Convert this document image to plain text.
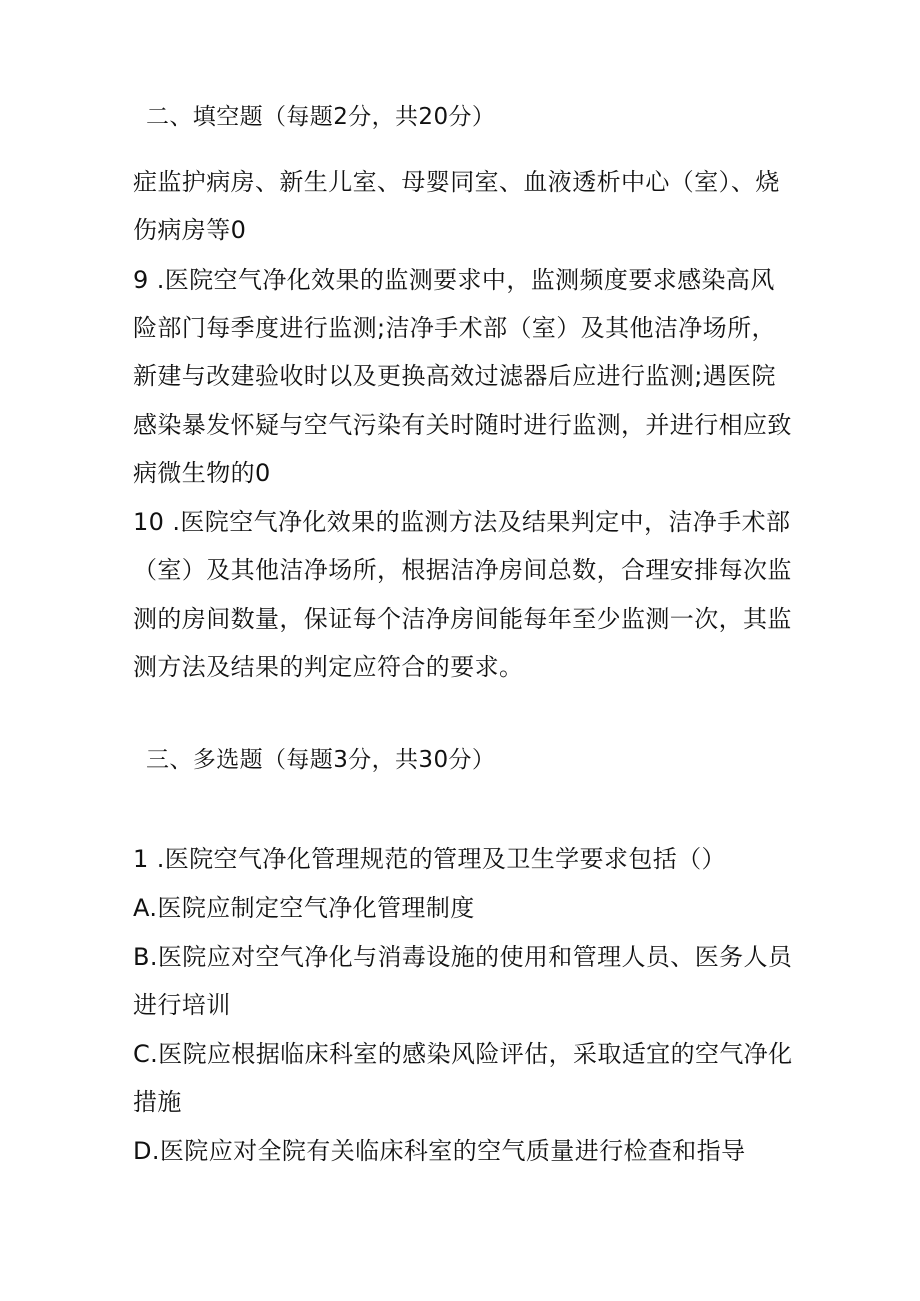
二、填空题（每题2分，共20分）
症监护病房、新生儿室、母婴同室、血液透析中心（室）、烧
伤病房等0
9 .医院空气净化效果的监测要求中，监测频度要求感染高风
险部门每季度进行监测;洁净手术部（室）及其他洁净场所，
新建与改建验收时以及更换高效过滤器后应进行监测;遇医院
感染暴发怀疑与空气污染有关时随时进行监测，并进行相应致
病微生物的0
10 .医院空气净化效果的监测方法及结果判定中，洁净手术部
（室）及其他洁净场所，根据洁净房间总数，合理安排每次监
测的房间数量，保证每个洁净房间能每年至少监测一次，其监
测方法及结果的判定应符合的要求。
三、多选题（每题3分，共30分）
1 .医院空气净化管理规范的管理及卫生学要求包括（）
A.医院应制定空气净化管理制度
B.医院应对空气净化与消毒设施的使用和管理人员、医务人员
进行培训
C.医院应根据临床科室的感染风险评估，采取适宜的空气净化
措施
D.医院应对全院有关临床科室的空气质量进行检查和指导
